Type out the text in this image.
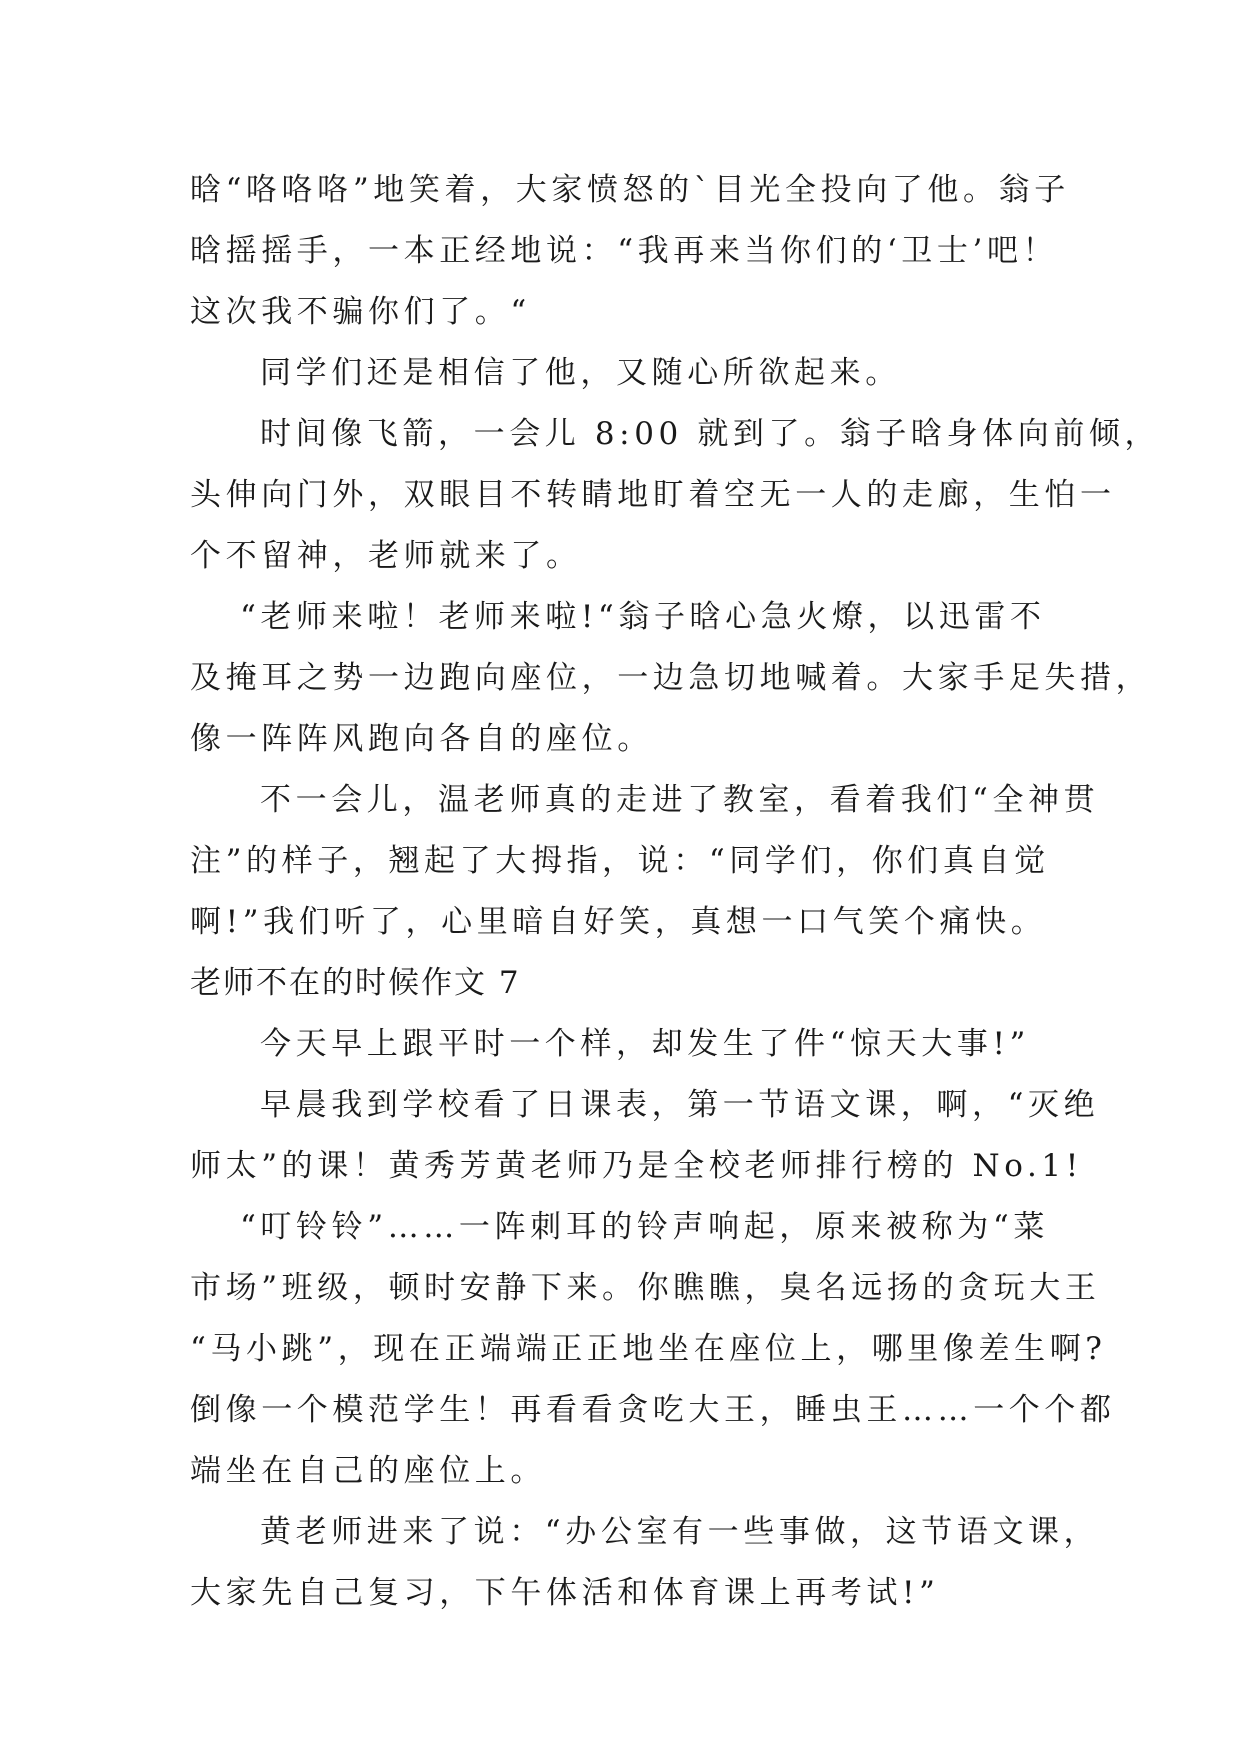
晗“咯咯咯”地笑着，大家愤怒的`目光全投向了他。翁子
晗摇摇手，一本正经地说：“我再来当你们的‘卫士’吧！
这次我不骗你们了。“
同学们还是相信了他，又随心所欲起来。
时间像飞箭，一会儿 8:00 就到了。翁子晗身体向前倾，
头伸向门外，双眼目不转睛地盯着空无一人的走廊，生怕一
个不留神，老师就来了。
“老师来啦！老师来啦!“翁子晗心急火燎，以迅雷不
及掩耳之势一边跑向座位，一边急切地喊着。大家手足失措，
像一阵阵风跑向各自的座位。
不一会儿，温老师真的走进了教室，看着我们“全神贯
注”的样子，翘起了大拇指，说：“同学们，你们真自觉
啊!”我们听了，心里暗自好笑，真想一口气笑个痛快。
老师不在的时候作文 7
今天早上跟平时一个样，却发生了件“惊天大事!”
早晨我到学校看了日课表，第一节语文课，啊，“灭绝
师太”的课！黄秀芳黄老师乃是全校老师排行榜的 No.1!
“叮铃铃”……一阵刺耳的铃声响起，原来被称为“菜
市场”班级，顿时安静下来。你瞧瞧，臭名远扬的贪玩大王
“马小跳”，现在正端端正正地坐在座位上，哪里像差生啊?
倒像一个模范学生！再看看贪吃大王，睡虫王……一个个都
端坐在自己的座位上。
黄老师进来了说：“办公室有一些事做，这节语文课，
大家先自己复习，下午体活和体育课上再考试!”
